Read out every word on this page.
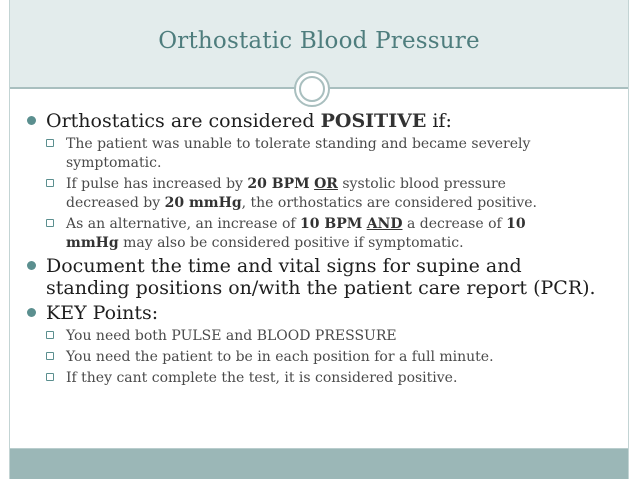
Orthostatic Blood Pressure
Orthostatics are considered POSITIVE if:
The patient was unable to tolerate standing and became severely
symptomatic.
If pulse has increased by 20 BPM OR systolic blood pressure
decreased by 20 mmHg, the orthostatics are considered positive.
As an alternative, an increase of 10 BPM AND a decrease of 10
mmHg may also be considered positive if symptomatic.
Document the time and vital signs for supine and
standing positions on/with the patient care report (PCR).
KEY Points:
You need both PULSE and BLOOD PRESSURE
You need the patient to be in each position for a full minute.
If they cant complete the test, it is considered positive.
